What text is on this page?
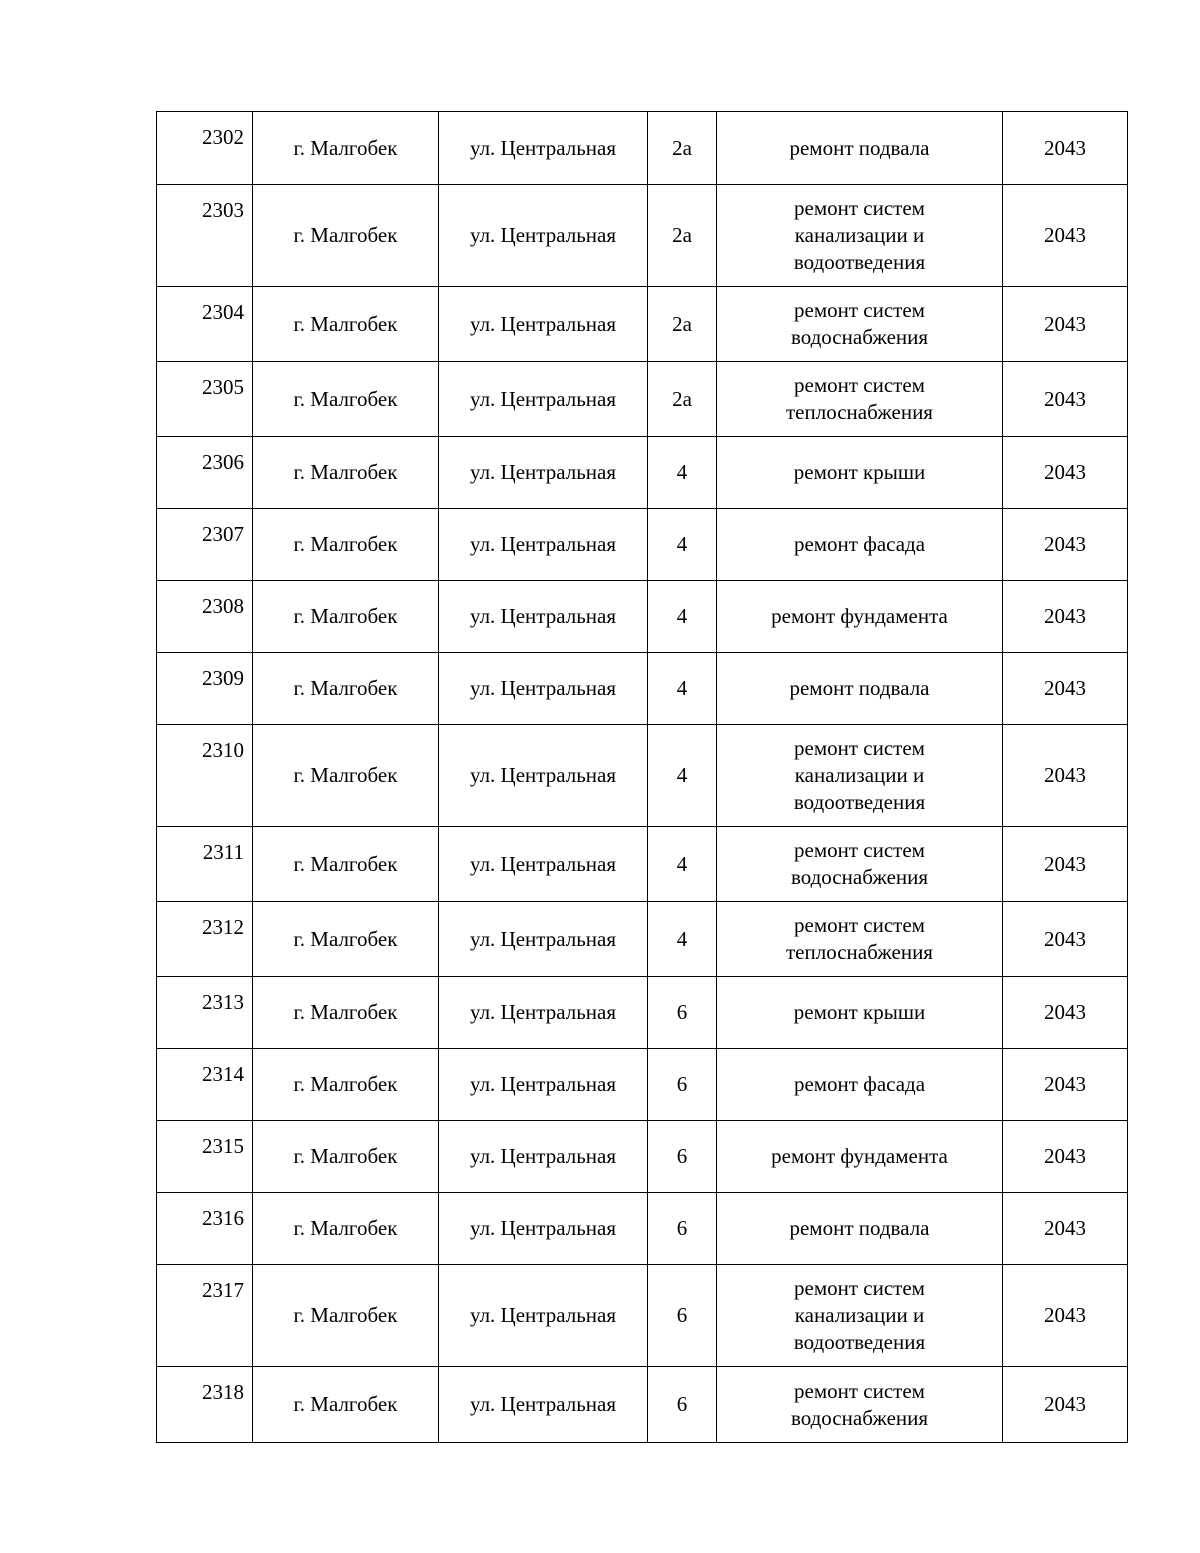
2302	г. Малгобек	ул. Центральная	2а	ремонт подвала	2043
2303	г. Малгобек	ул. Центральная	2а	ремонт систем
канализации и
водоотведения	2043
2304	г. Малгобек	ул. Центральная	2а	ремонт систем
водоснабжения	2043
2305	г. Малгобек	ул. Центральная	2а	ремонт систем
теплоснабжения	2043
2306	г. Малгобек	ул. Центральная	4	ремонт крыши	2043
2307	г. Малгобек	ул. Центральная	4	ремонт фасада	2043
2308	г. Малгобек	ул. Центральная	4	ремонт фундамента	2043
2309	г. Малгобек	ул. Центральная	4	ремонт подвала	2043
2310	г. Малгобек	ул. Центральная	4	ремонт систем
канализации и
водоотведения	2043
2311	г. Малгобек	ул. Центральная	4	ремонт систем
водоснабжения	2043
2312	г. Малгобек	ул. Центральная	4	ремонт систем
теплоснабжения	2043
2313	г. Малгобек	ул. Центральная	6	ремонт крыши	2043
2314	г. Малгобек	ул. Центральная	6	ремонт фасада	2043
2315	г. Малгобек	ул. Центральная	6	ремонт фундамента	2043
2316	г. Малгобек	ул. Центральная	6	ремонт подвала	2043
2317	г. Малгобек	ул. Центральная	6	ремонт систем
канализации и
водоотведения	2043
2318	г. Малгобек	ул. Центральная	6	ремонт систем
водоснабжения	2043
